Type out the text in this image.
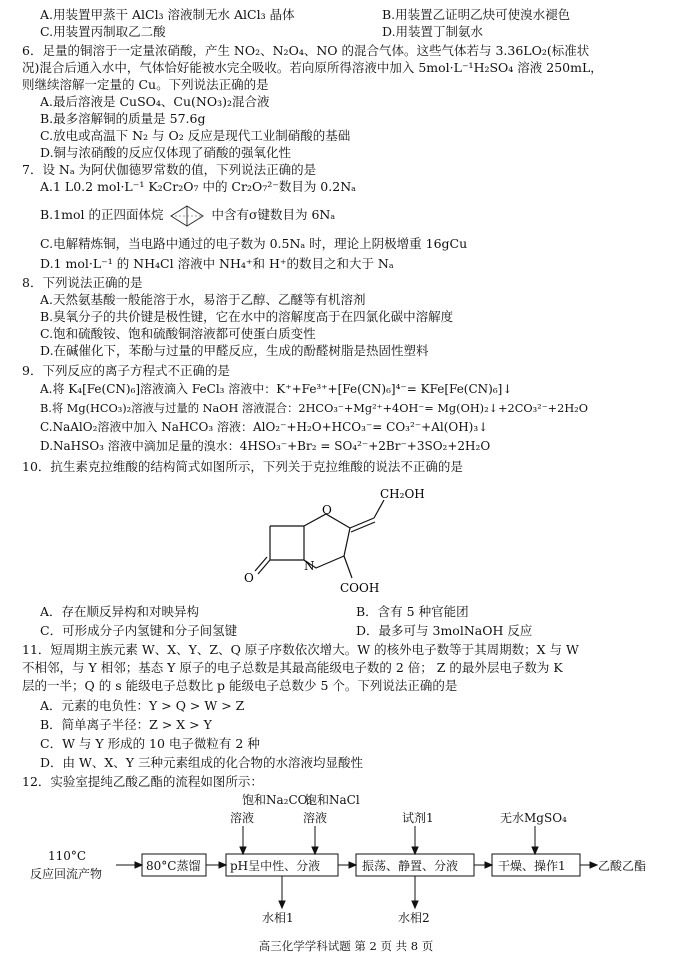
A.用装置甲蒸干 AlCl₃ 溶液制无水 AlCl₃ 晶体	B.用装置乙证明乙炔可使溴水褪色
C.用装置丙制取乙二酸	D.用装置丁制氨水
6．足量的铜溶于一定量浓硝酸，产生 NO₂、N₂O₄、NO 的混合气体。这些气体若与 3.36LO₂(标准状
况)混合后通入水中，气体恰好能被水完全吸收。若向原所得溶液中加入 5mol·L⁻¹H₂SO₄ 溶液 250mL，
则继续溶解一定量的 Cu。下列说法正确的是
A.最后溶液是 CuSO₄、Cu(NO₃)₂混合液
B.最多溶解铜的质量是 57.6g
C.放电或高温下 N₂ 与 O₂ 反应是现代工业制硝酸的基础
D.铜与浓硝酸的反应仅体现了硝酸的强氧化性
7．设 Nₐ 为阿伏伽德罗常数的值，下列说法正确的是
A.1 L0.2 mol·L⁻¹ K₂Cr₂O₇ 中的 Cr₂O₇²⁻数目为 0.2Nₐ
B.1mol 的正四面体烷	中含有σ键数目为 6Nₐ
C.电解精炼铜，当电路中通过的电子数为 0.5Nₐ 时，理论上阴极增重 16gCu
D.1 mol·L⁻¹ 的 NH₄Cl 溶液中 NH₄⁺和 H⁺的数目之和大于 Nₐ
8．下列说法正确的是
A.天然氨基酸一般能溶于水，易溶于乙醇、乙醚等有机溶剂
B.臭氧分子的共价键是极性键，它在水中的溶解度高于在四氯化碳中溶解度
C.饱和硫酸铵、饱和硫酸铜溶液都可使蛋白质变性
D.在碱催化下，苯酚与过量的甲醛反应，生成的酚醛树脂是热固性塑料
9．下列反应的离子方程式不正确的是
A.将 K₄[Fe(CN)₆]溶液滴入 FeCl₃ 溶液中：K⁺+Fe³⁺+[Fe(CN)₆]⁴⁻= KFe[Fe(CN)₆]↓
B.将 Mg(HCO₃)₂溶液与过量的 NaOH 溶液混合：2HCO₃⁻+Mg²⁺+4OH⁻= Mg(OH)₂↓+2CO₃²⁻+2H₂O
C.NaAlO₂溶液中加入 NaHCO₃ 溶液：AlO₂⁻+H₂O+HCO₃⁻= CO₃²⁻+Al(OH)₃↓
D.NaHSO₃ 溶液中滴加足量的溴水：4HSO₃⁻+Br₂ = SO₄²⁻+2Br⁻+3SO₂+2H₂O
10．抗生素克拉维酸的结构简式如图所示，下列关于克拉维酸的说法不正确的是
O
O
N
CH₂OH
COOH
A．存在顺反异构和对映异构	B．含有 5 种官能团
C．可形成分子内氢键和分子间氢键	D．最多可与 3molNaOH 反应
11．短周期主族元素 W、X、Y、Z、Q 原子序数依次增大。W 的核外电子数等于其周期数；X 与 W
不相邻，与 Y 相邻；基态 Y 原子的电子总数是其最高能级电子数的 2 倍； Z 的最外层电子数为 K
层的一半；Q 的 s 能级电子总数比 p 能级电子总数少 5 个。下列说法正确的是
A．元素的电负性：Y > Q > W > Z
B．简单离子半径：Z > X > Y
C．W 与 Y 形成的 10 电子微粒有 2 种
D．由 W、X、Y 三种元素组成的化合物的水溶液均显酸性
12．实验室提纯乙酸乙酯的流程如图所示：
饱和Na₂CO₃
溶液
饱和NaCl
溶液	试剂1	无水MgSO₄
110°C
反应回流产物
80°C蒸馏 pH呈中性、分液	振荡、静置、分液	干燥、操作1	乙酸乙酯
水相1	水相2
高三化学学科试题 第 2 页 共 8 页
